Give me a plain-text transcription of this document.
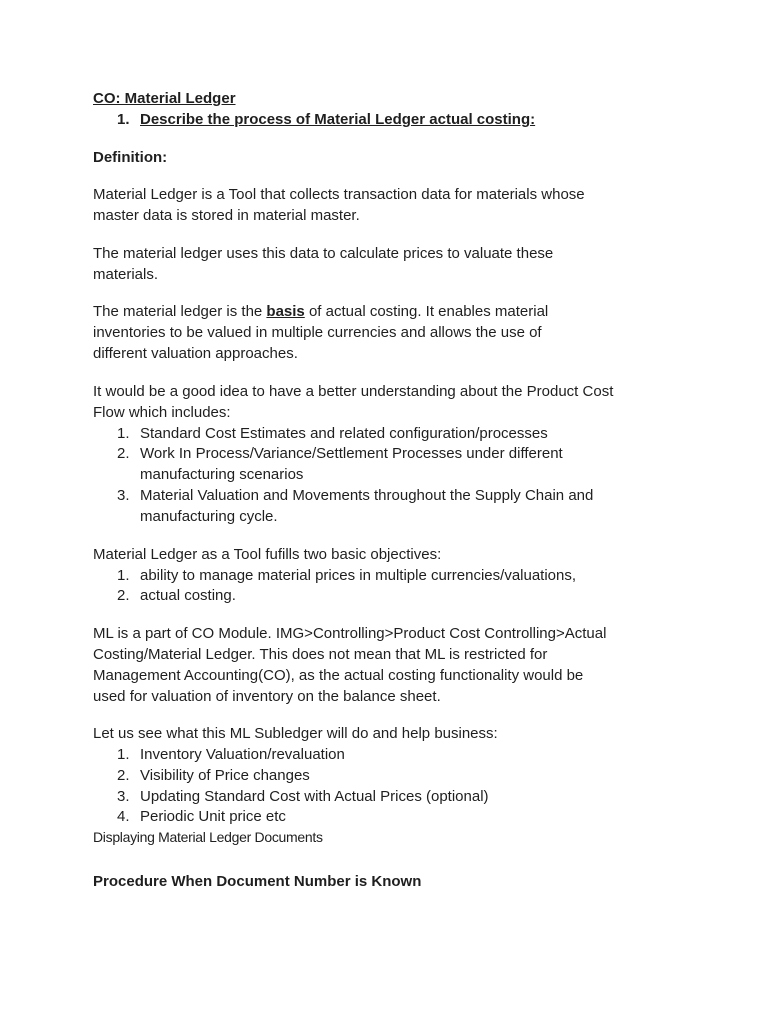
CO: Material Ledger
1. Describe the process of Material Ledger actual costing:
Definition:
Material Ledger is a Tool that collects transaction data for materials whose
master data is stored in material master.
The material ledger uses this data to calculate prices to valuate these
materials.
The material ledger is the basis of actual costing. It enables material
inventories to be valued in multiple currencies and allows the use of
different valuation approaches.
It would be a good idea to have a better understanding about the Product Cost
Flow which includes:
1. Standard Cost Estimates and related configuration/processes
2. Work In Process/Variance/Settlement Processes under different
manufacturing scenarios
3. Material Valuation and Movements throughout the Supply Chain and
manufacturing cycle.
Material Ledger as a Tool fufills two basic objectives:
1. ability to manage material prices in multiple currencies/valuations,
2. actual costing.
ML is a part of CO Module. IMG>Controlling>Product Cost Controlling>Actual
Costing/Material Ledger. This does not mean that ML is restricted for
Management Accounting(CO), as the actual costing functionality would be
used for valuation of inventory on the balance sheet.
Let us see what this ML Subledger will do and help business:
1. Inventory Valuation/revaluation
2. Visibility of Price changes
3. Updating Standard Cost with Actual Prices (optional)
4. Periodic Unit price etc
Displaying Material Ledger Documents
Procedure When Document Number is Known
